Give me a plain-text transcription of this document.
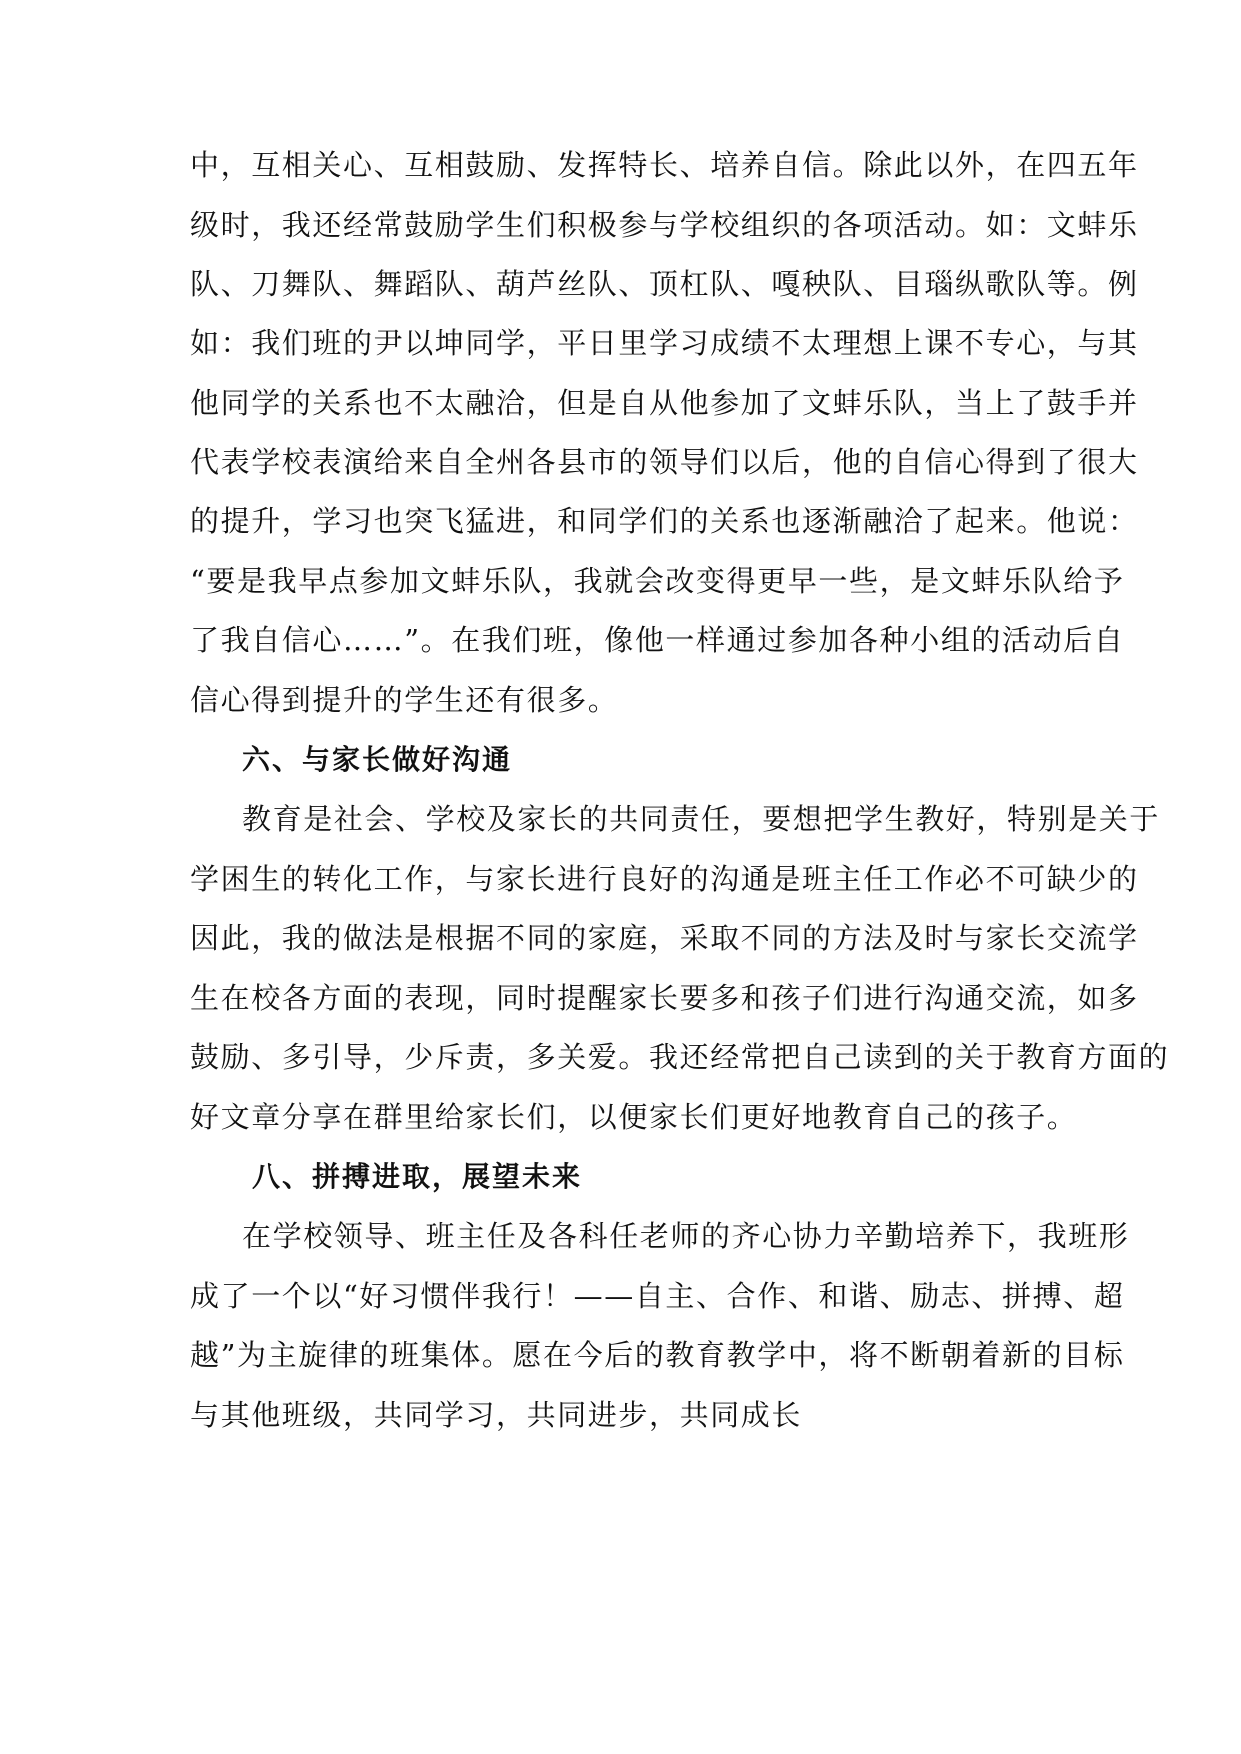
中，互相关心、互相鼓励、发挥特长、培养自信。除此以外，在四五年
级时，我还经常鼓励学生们积极参与学校组织的各项活动。如：文蚌乐
队、刀舞队、舞蹈队、葫芦丝队、顶杠队、嘎秧队、目瑙纵歌队等。例
如：我们班的尹以坤同学，平日里学习成绩不太理想上课不专心，与其
他同学的关系也不太融洽，但是自从他参加了文蚌乐队，当上了鼓手并
代表学校表演给来自全州各县市的领导们以后，他的自信心得到了很大
的提升，学习也突飞猛进，和同学们的关系也逐渐融洽了起来。他说：
“要是我早点参加文蚌乐队，我就会改变得更早一些，是文蚌乐队给予
了我自信心……”。在我们班，像他一样通过参加各种小组的活动后自
信心得到提升的学生还有很多。
六、与家长做好沟通
教育是社会、学校及家长的共同责任，要想把学生教好，特别是关于
学困生的转化工作，与家长进行良好的沟通是班主任工作必不可缺少的
因此，我的做法是根据不同的家庭，采取不同的方法及时与家长交流学
生在校各方面的表现，同时提醒家长要多和孩子们进行沟通交流，如多
鼓励、多引导，少斥责，多关爱。我还经常把自己读到的关于教育方面的
好文章分享在群里给家长们，以便家长们更好地教育自己的孩子。
八、拼搏进取，展望未来
在学校领导、班主任及各科任老师的齐心协力辛勤培养下，我班形
成了一个以“好习惯伴我行！——自主、合作、和谐、励志、拼搏、超
越”为主旋律的班集体。愿在今后的教育教学中，将不断朝着新的目标
与其他班级，共同学习，共同进步，共同成长
